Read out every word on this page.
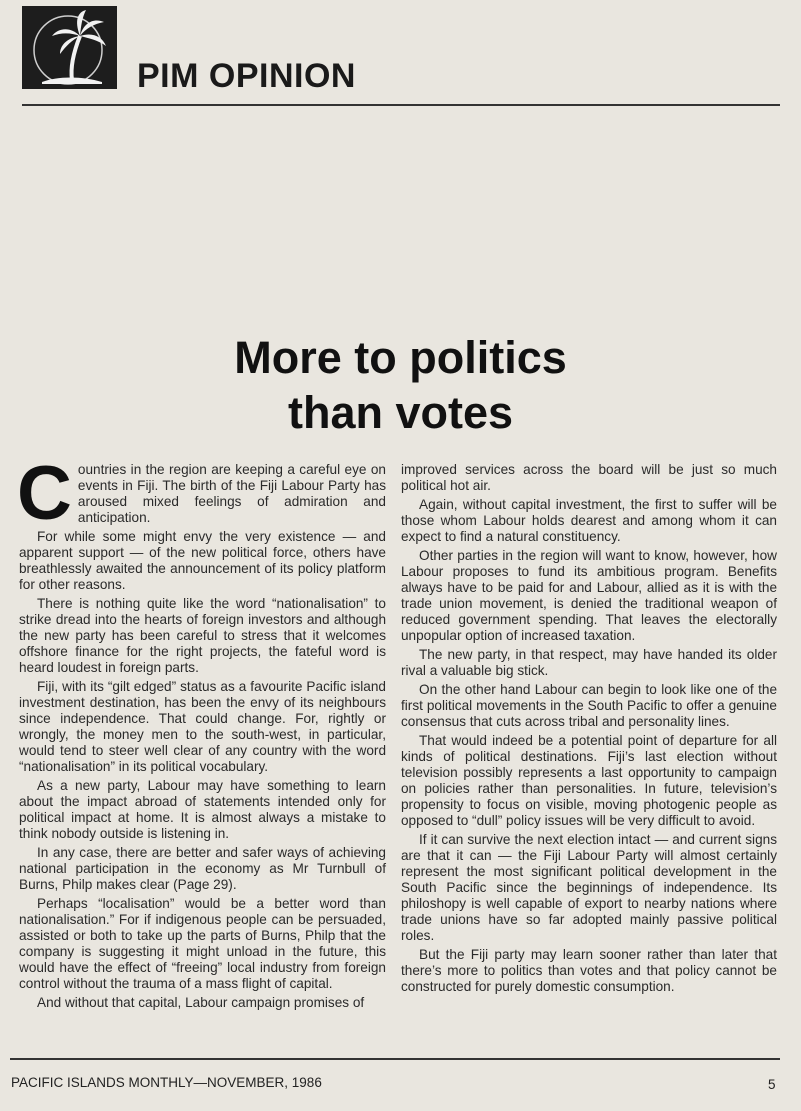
PIM OPINION
More to politics
than votes

Countries in the region are keeping a careful eye on events in Fiji. The birth of the Fiji Labour Party has aroused mixed feelings of admiration and anticipation.

For while some might envy the very existence — and apparent support — of the new political force, others have breathlessly awaited the announcement of its policy platform for other reasons.

There is nothing quite like the word “nationalisation” to strike dread into the hearts of foreign investors and although the new party has been careful to stress that it welcomes offshore finance for the right projects, the fateful word is heard loudest in foreign parts.

Fiji, with its “gilt edged” status as a favourite Pacific island investment destination, has been the envy of its neighbours since independence. That could change. For, rightly or wrongly, the money men to the south-west, in particular, would tend to steer well clear of any country with the word “nationalisation” in its political vocabulary.

As a new party, Labour may have something to learn about the impact abroad of statements intended only for political impact at home. It is almost always a mistake to think nobody outside is listening in.

In any case, there are better and safer ways of achieving national participation in the economy as Mr Turnbull of Burns, Philp makes clear (Page 29).

Perhaps “localisation” would be a better word than nationalisation.” For if indigenous people can be persuaded, assisted or both to take up the parts of Burns, Philp that the company is suggesting it might unload in the future, this would have the effect of “freeing” local industry from foreign control without the trauma of a mass flight of capital.

And without that capital, Labour campaign promises of

improved services across the board will be just so much political hot air.

Again, without capital investment, the first to suffer will be those whom Labour holds dearest and among whom it can expect to find a natural constituency.

Other parties in the region will want to know, however, how Labour proposes to fund its ambitious program. Benefits always have to be paid for and Labour, allied as it is with the trade union movement, is denied the traditional weapon of reduced government spending. That leaves the electorally unpopular option of increased taxation.

The new party, in that respect, may have handed its older rival a valuable big stick.

On the other hand Labour can begin to look like one of the first political movements in the South Pacific to offer a genuine consensus that cuts across tribal and personality lines.

That would indeed be a potential point of departure for all kinds of political destinations. Fiji’s last election without television possibly represents a last opportunity to campaign on policies rather than personalities. In future, television’s propensity to focus on visible, moving photogenic people as opposed to “dull” policy issues will be very difficult to avoid.

If it can survive the next election intact — and current signs are that it can — the Fiji Labour Party will almost certainly represent the most significant political development in the South Pacific since the beginnings of independence. Its philoshopy is well capable of export to nearby nations where trade unions have so far adopted mainly passive political roles.

But the Fiji party may learn sooner rather than later that there’s more to politics than votes and that policy cannot be constructed for purely domestic consumption.

PACIFIC ISLANDS MONTHLY—NOVEMBER, 1986	5
